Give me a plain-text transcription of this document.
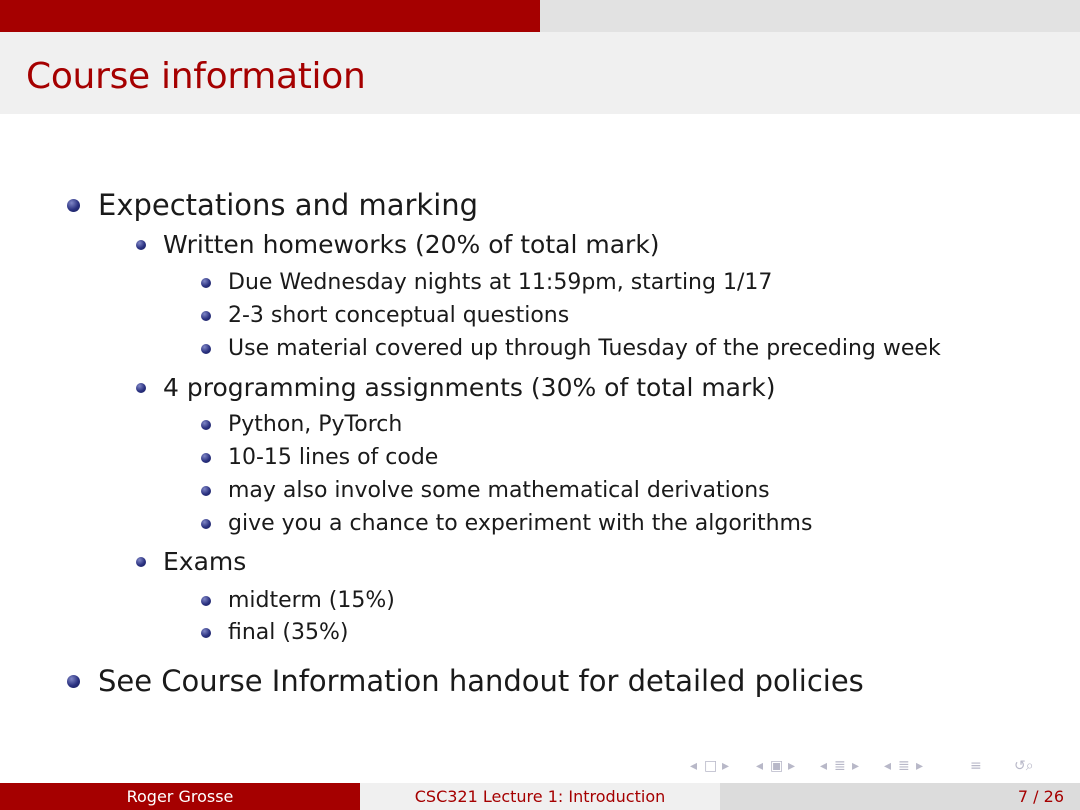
Course information
Expectations and marking
Written homeworks (20% of total mark)
Due Wednesday nights at 11:59pm, starting 1/17
2-3 short conceptual questions
Use material covered up through Tuesday of the preceding week
4 programming assignments (30% of total mark)
Python, PyTorch
10-15 lines of code
may also involve some mathematical derivations
give you a chance to experiment with the algorithms
Exams
midterm (15%)
final (35%)
See Course Information handout for detailed policies
◂ □ ▸ ◂ ▣ ▸ ◂ ≣ ▸ ◂ ≣ ▸	≡ ↺⌕
Roger Grosse	CSC321 Lecture 1: Introduction	7 / 26
